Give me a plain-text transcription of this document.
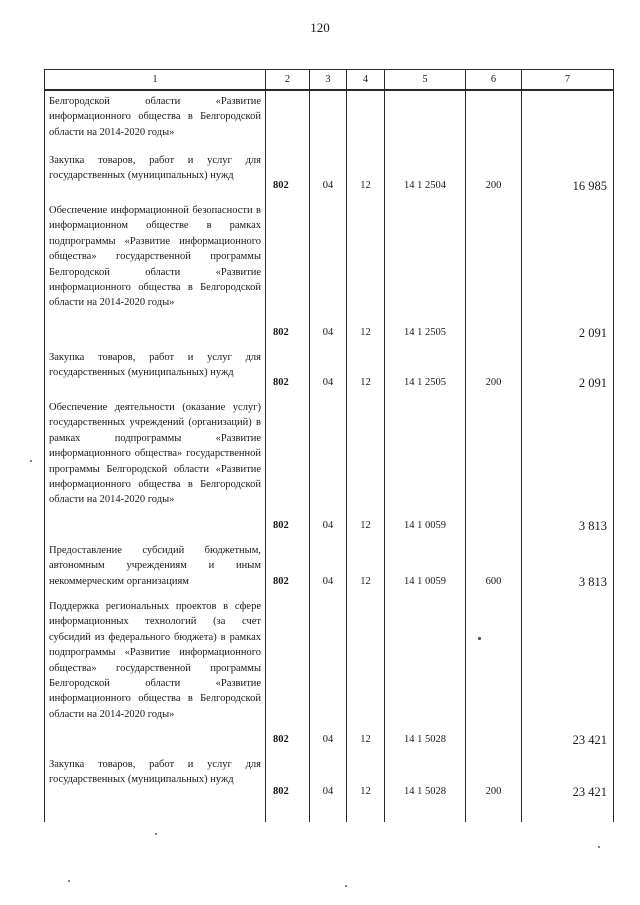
120
1	2	3	4	5	6	7
Белгородской области «Развитие информационного общества в Белгородской области на 2014-2020 годы»						
Закупка товаров, работ и услуг для государственных (муниципальных) нужд	802	04	12	14 1 2504	200	16 985
Обеспечение информационной безопасности в информационном обществе в рамках подпрограммы «Развитие информационного общества» государственной программы Белгородской области «Развитие информационного общества в Белгородской области на 2014-2020 годы»	802	04	12	14 1 2505		2 091
Закупка товаров, работ и услуг для государственных (муниципальных) нужд	802	04	12	14 1 2505	200	2 091
Обеспечение деятельности (оказание услуг) государственных учреждений (организаций) в рамках подпрограммы «Развитие информационного общества» государственной программы Белгородской области «Развитие информационного общества в Белгородской области на 2014-2020 годы»	802	04	12	14 1 0059		3 813
Предоставление субсидий бюджетным, автономным учреждениям и иным некоммерческим организациям	802	04	12	14 1 0059	600	3 813
Поддержка региональных проектов в сфере информационных технологий (за счет субсидий из федерального бюджета) в рамках подпрограммы «Развитие информационного общества» государственной программы Белгородской области «Развитие информационного общества в Белгородской области на 2014-2020 годы»	802	04	12	14 1 5028		23 421
Закупка товаров, работ и услуг для государственных (муниципальных) нужд	802	04	12	14 1 5028	200	23 421
